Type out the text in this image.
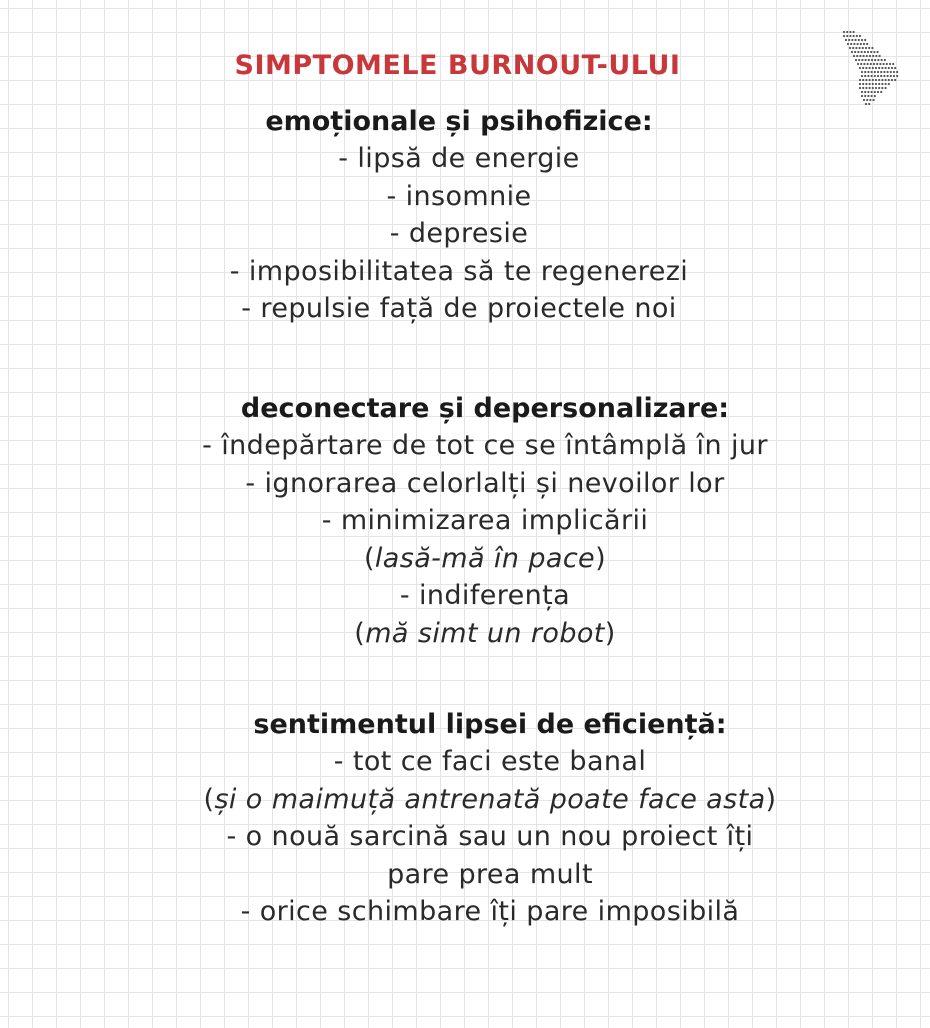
SIMPTOMELE BURNOUT-ULUI

emoționale și psihofizice:

- lipsă de energie

- insomnie

- depresie

- imposibilitatea să te regenerezi

- repulsie față de proiectele noi

deconectare și depersonalizare:

- îndepărtare de tot ce se întâmplă în jur

- ignorarea celorlalți și nevoilor lor

- minimizarea implicării

(lasă-mă în pace)

- indiferența

(mă simt un robot)

sentimentul lipsei de eficiență:

- tot ce faci este banal

(și o maimuță antrenată poate face asta)

- o nouă sarcină sau un nou proiect îți

pare prea mult

- orice schimbare îți pare imposibilă
